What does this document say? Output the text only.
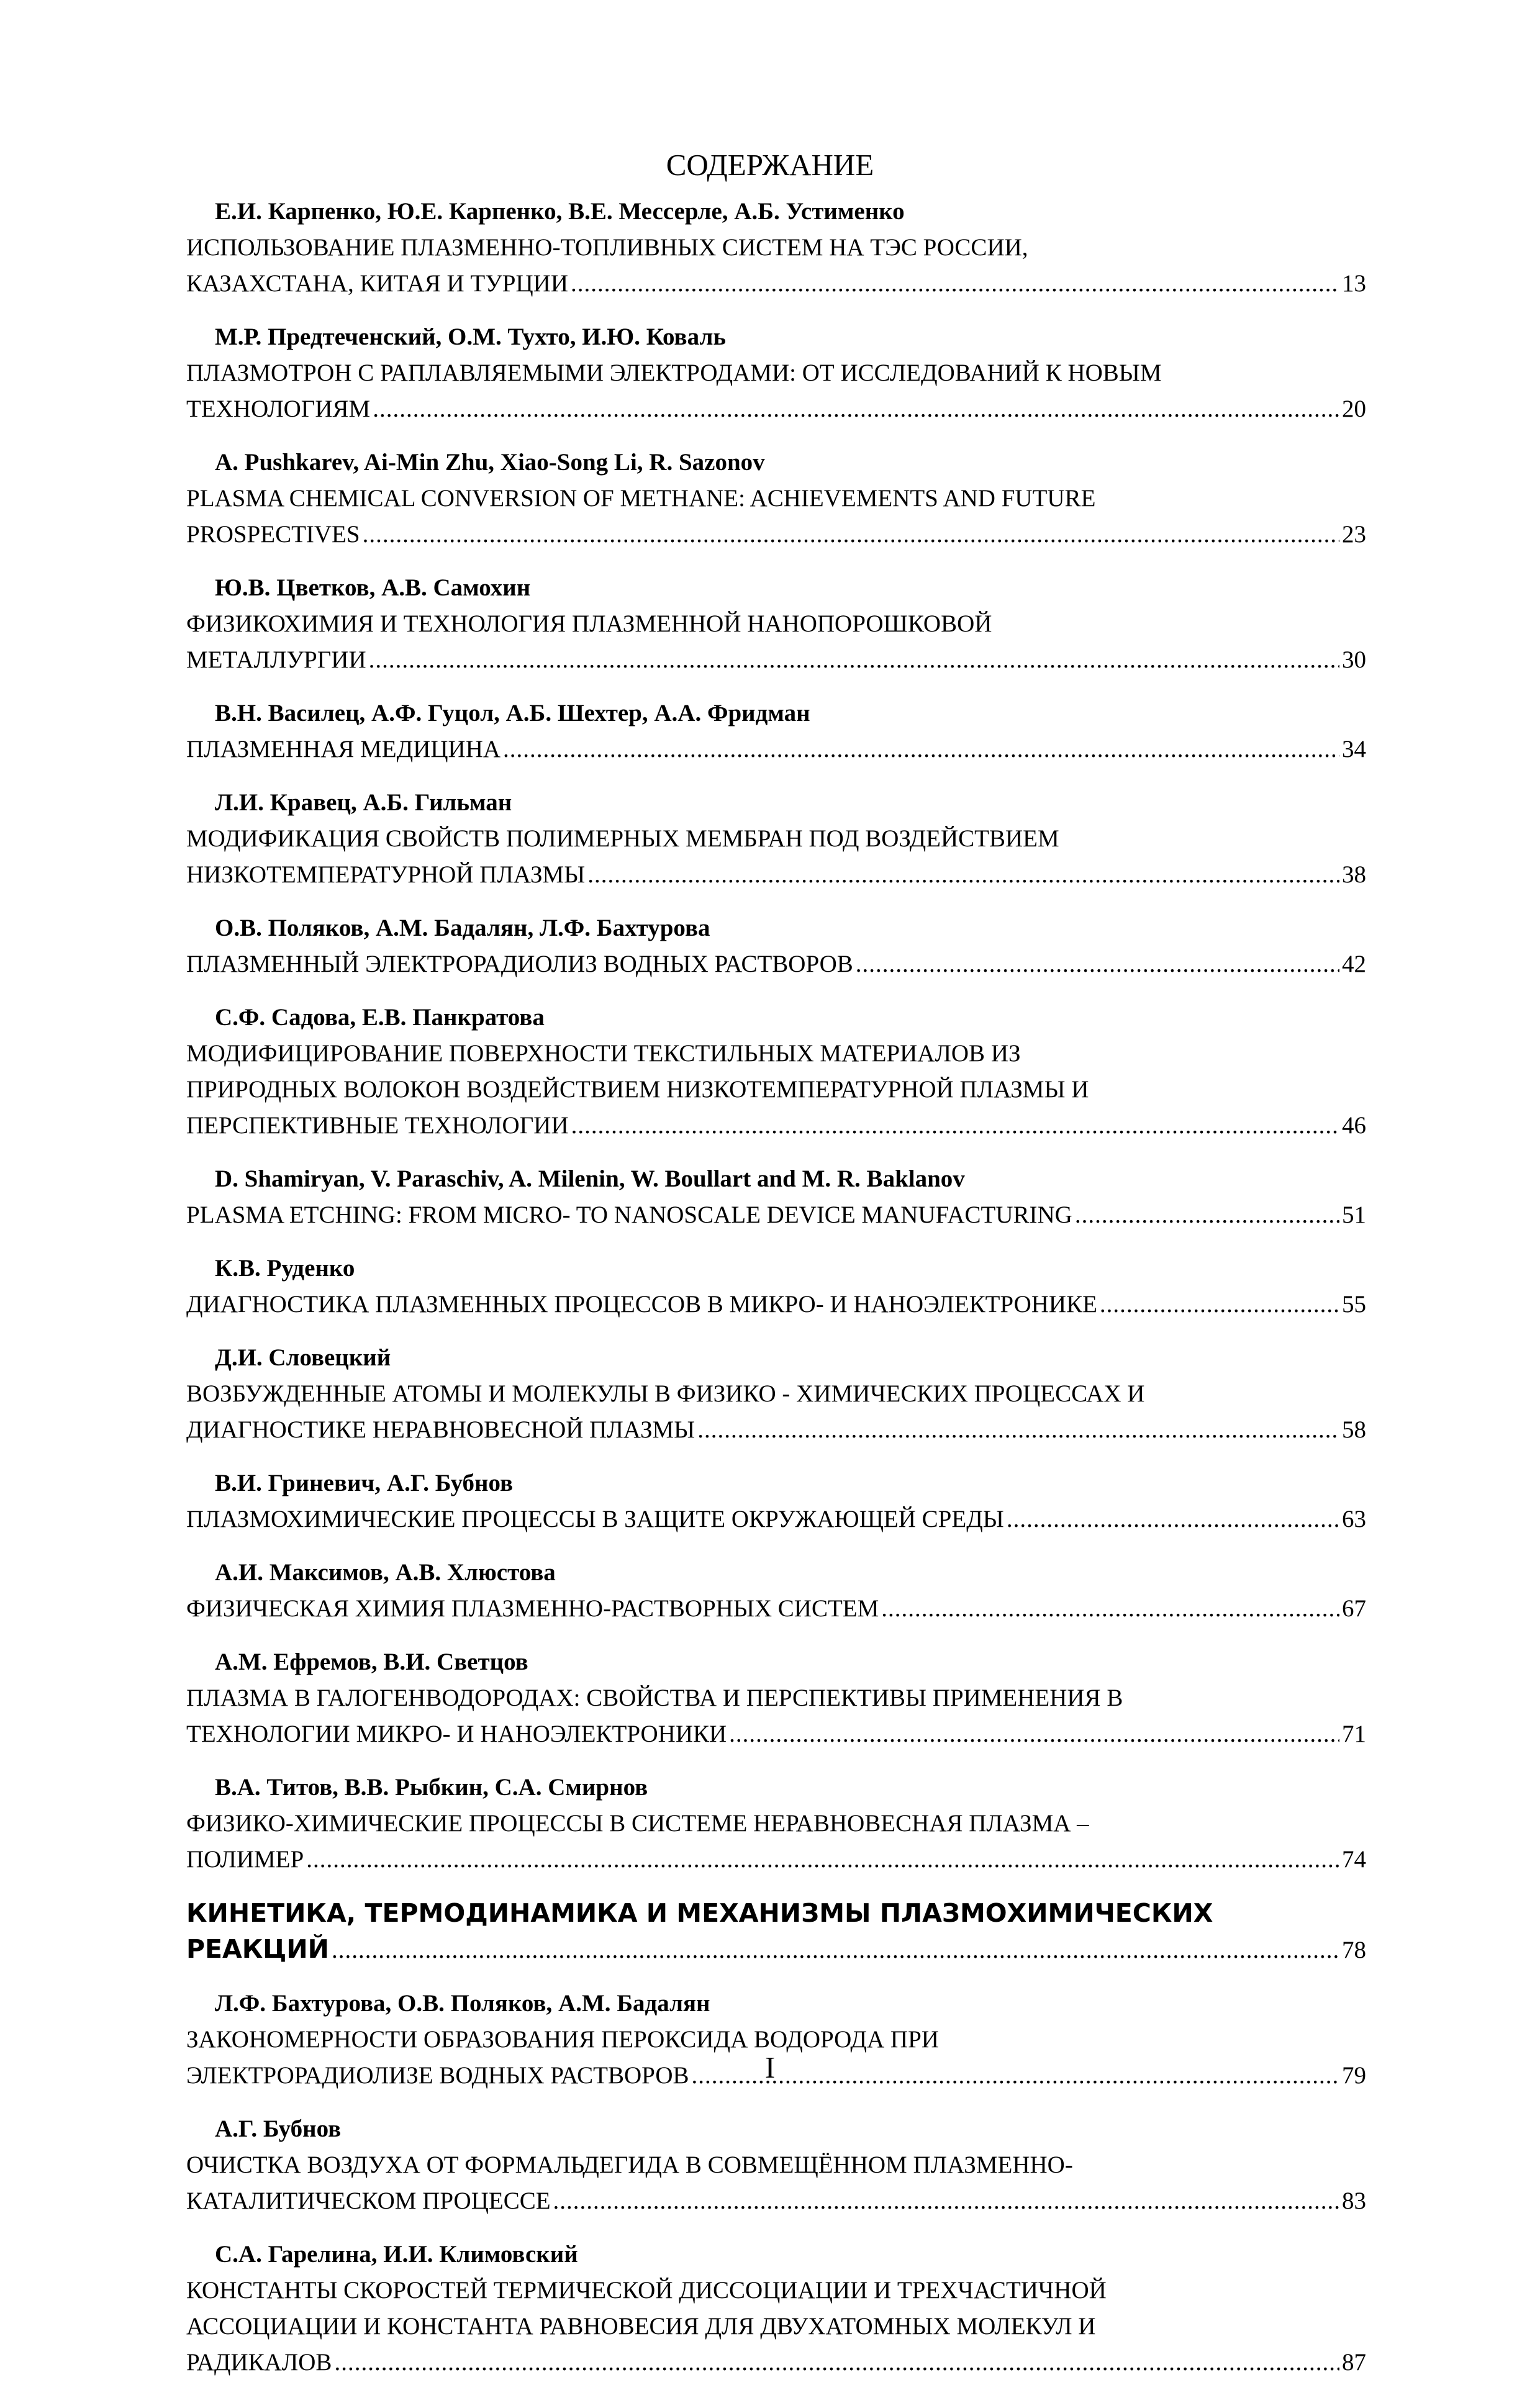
СОДЕРЖАНИЕ
Е.И. Карпенко, Ю.Е. Карпенко, В.Е. Мессерле, А.Б. Устименко
ИСПОЛЬЗОВАНИЕ ПЛАЗМЕННО-ТОПЛИВНЫХ СИСТЕМ НА ТЭС РОССИИ,
КАЗАХСТАНА, КИТАЯ И ТУРЦИИ .....	13
М.Р. Предтеченский, О.М. Тухто, И.Ю. Коваль
ПЛАЗМОТРОН С РАПЛАВЛЯЕМЫМИ ЭЛЕКТРОДАМИ: ОТ ИССЛЕДОВАНИЙ К НОВЫМ
ТЕХНОЛОГИЯМ .....	20
A. Pushkarev, Ai-Min Zhu, Xiao-Song Li, R. Sazonov
PLASMA CHEMICAL CONVERSION OF METHANE: ACHIEVEMENTS AND FUTURE
PROSPECTIVES .....	23
Ю.В. Цветков, А.В. Самохин
ФИЗИКОХИМИЯ И ТЕХНОЛОГИЯ ПЛАЗМЕННОЙ НАНОПОРОШКОВОЙ
МЕТАЛЛУРГИИ .....	30
В.Н. Василец, А.Ф. Гуцол, А.Б. Шехтер, А.А. Фридман
ПЛАЗМЕННАЯ МЕДИЦИНА .....	34
Л.И. Кравец, А.Б. Гильман
МОДИФИКАЦИЯ СВОЙСТВ ПОЛИМЕРНЫХ МЕМБРАН ПОД ВОЗДЕЙСТВИЕМ
НИЗКОТЕМПЕРАТУРНОЙ ПЛАЗМЫ .....	38
О.В. Поляков, А.М. Бадалян, Л.Ф. Бахтурова
ПЛАЗМЕННЫЙ ЭЛЕКТРОРАДИОЛИЗ ВОДНЫХ РАСТВОРОВ .....	42
С.Ф. Садова, Е.В. Панкратова
МОДИФИЦИРОВАНИЕ ПОВЕРХНОСТИ ТЕКСТИЛЬНЫХ МАТЕРИАЛОВ ИЗ
ПРИРОДНЫХ ВОЛОКОН ВОЗДЕЙСТВИЕМ НИЗКОТЕМПЕРАТУРНОЙ ПЛАЗМЫ И
ПЕРСПЕКТИВНЫЕ ТЕХНОЛОГИИ .....	46
D. Shamiryan, V. Paraschiv, A. Milenin, W. Boullart and M. R. Baklanov
PLASMA ETCHING: FROM MICRO- TO NANOSCALE DEVICE MANUFACTURING .....	51
К.В. Руденко
ДИАГНОСТИКА ПЛАЗМЕННЫХ ПРОЦЕССОВ В МИКРО- И НАНОЭЛЕКТРОНИКЕ .....	55
Д.И. Словецкий
ВОЗБУЖДЕННЫЕ АТОМЫ И МОЛЕКУЛЫ В ФИЗИКО - ХИМИЧЕСКИХ ПРОЦЕССАХ И
ДИАГНОСТИКЕ НЕРАВНОВЕСНОЙ ПЛАЗМЫ .....	58
В.И. Гриневич, А.Г. Бубнов
ПЛАЗМОХИМИЧЕСКИЕ ПРОЦЕССЫ В ЗАЩИТЕ ОКРУЖАЮЩЕЙ СРЕДЫ .....	63
А.И. Максимов, А.В. Хлюстова
ФИЗИЧЕСКАЯ ХИМИЯ ПЛАЗМЕННО-РАСТВОРНЫХ СИСТЕМ .....	67
А.М. Ефремов, В.И. Светцов
ПЛАЗМА В ГАЛОГЕНВОДОРОДАХ: СВОЙСТВА И ПЕРСПЕКТИВЫ ПРИМЕНЕНИЯ В
ТЕХНОЛОГИИ МИКРО- И НАНОЭЛЕКТРОНИКИ .....	71
В.А. Титов, В.В. Рыбкин, С.А. Смирнов
ФИЗИКО-ХИМИЧЕСКИЕ ПРОЦЕССЫ В СИСТЕМЕ НЕРАВНОВЕСНАЯ ПЛАЗМА –
ПОЛИМЕР .....	74
КИНЕТИКА, ТЕРМОДИНАМИКА И МЕХАНИЗМЫ ПЛАЗМОХИМИЧЕСКИХ
РЕАКЦИЙ .....	78
Л.Ф. Бахтурова, О.В. Поляков, А.М. Бадалян
ЗАКОНОМЕРНОСТИ ОБРАЗОВАНИЯ ПЕРОКСИДА ВОДОРОДА ПРИ
ЭЛЕКТРОРАДИОЛИЗЕ ВОДНЫХ РАСТВОРОВ .....	79
А.Г. Бубнов
ОЧИСТКА ВОЗДУХА ОТ ФОРМАЛЬДЕГИДА В СОВМЕЩЁННОМ ПЛАЗМЕННО-
КАТАЛИТИЧЕСКОМ ПРОЦЕССЕ .....	83
С.А. Гарелина, И.И. Климовский
КОНСТАНТЫ СКОРОСТЕЙ ТЕРМИЧЕСКОЙ ДИССОЦИАЦИИ И ТРЕХЧАСТИЧНОЙ
АССОЦИАЦИИ И КОНСТАНТА РАВНОВЕСИЯ ДЛЯ ДВУХАТОМНЫХ МОЛЕКУЛ И
РАДИКАЛОВ .....	87
I
